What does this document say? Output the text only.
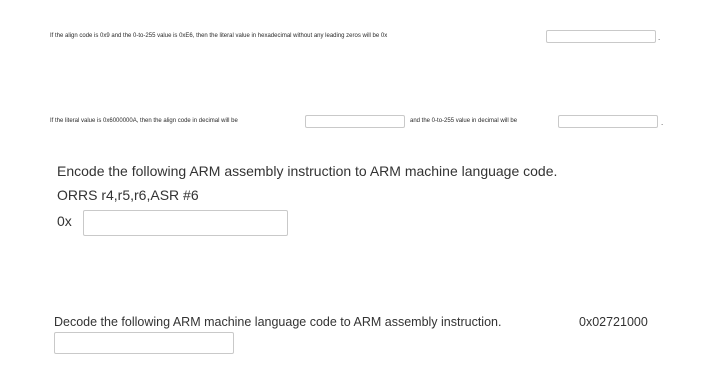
If the align code is 0x9 and the 0-to-255 value is 0xE6, then the literal value in hexadecimal without any leading zeros will be 0x	.
If the literal value is 0x6000000A, then the align code in decimal will be	and the 0-to-255 value in decimal will be	.
Encode the following ARM assembly instruction to ARM machine language code.
ORRS r4,r5,r6,ASR #6
0x
Decode the following ARM machine language code to ARM assembly instruction.	0x02721000
